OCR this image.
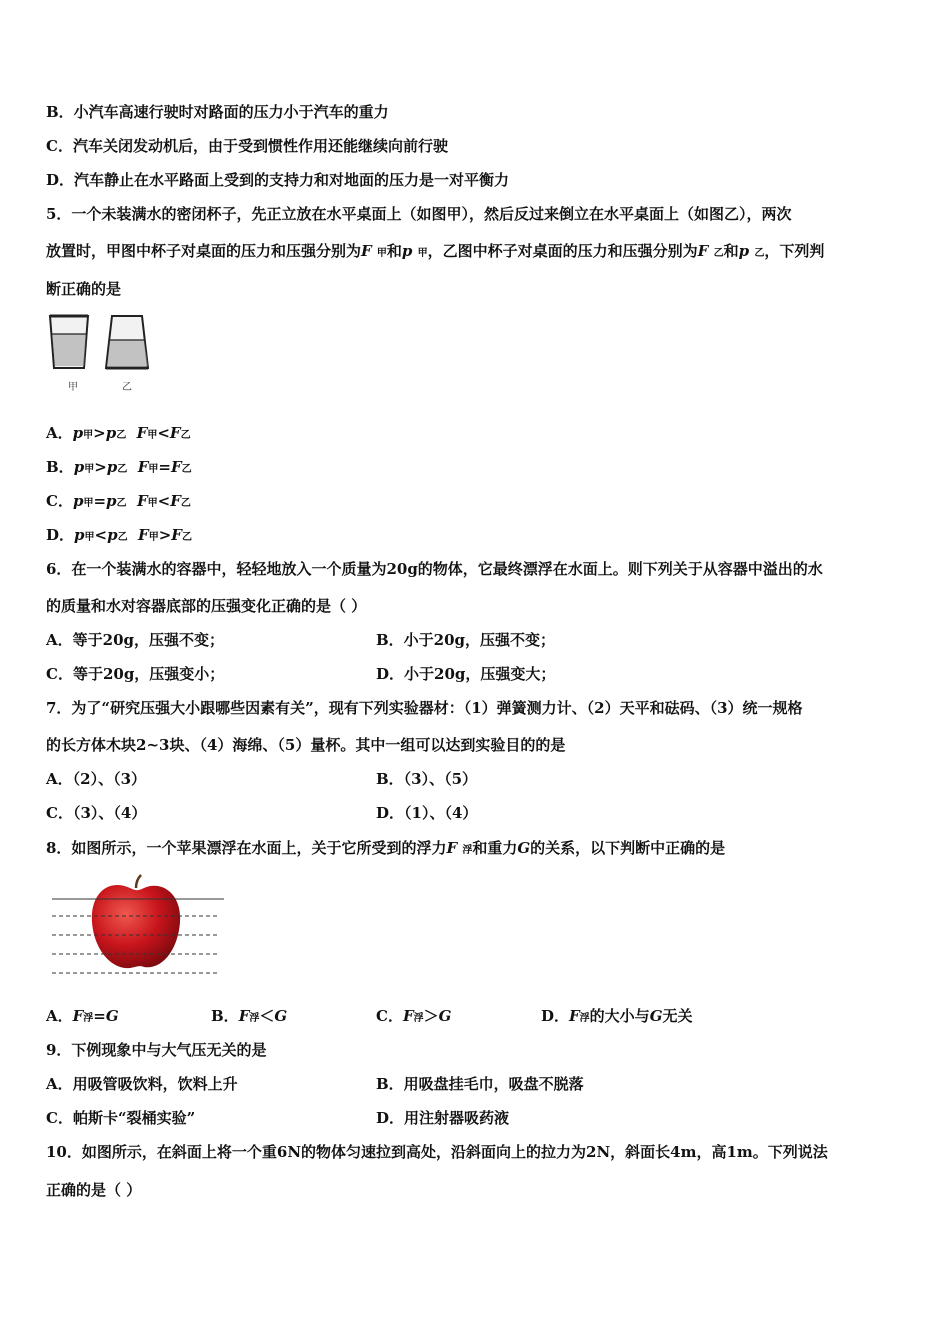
B．小汽车高速行驶时对路面的压力小于汽车的重力
C．汽车关闭发动机后，由于受到惯性作用还能继续向前行驶
D．汽车静止在水平路面上受到的支持力和对地面的压力是一对平衡力
5．一个未装满水的密闭杯子，先正立放在水平桌面上（如图甲），然后反过来倒立在水平桌面上（如图乙），两次
放置时，甲图中杯子对桌面的压力和压强分别为F 甲和p 甲，乙图中杯子对桌面的压力和压强分别为F 乙和p 乙，下列判
断正确的是
甲	乙
A．p甲>p乙 F甲<F乙
B．p甲>p乙 F甲=F乙
C．p甲=p乙 F甲<F乙
D．p甲<p乙 F甲>F乙
6．在一个装满水的容器中，轻轻地放入一个质量为20g的物体，它最终漂浮在水面上。则下列关于从容器中溢出的水
的质量和水对容器底部的压强变化正确的是（ ）
A．等于20g，压强不变；	B．小于20g，压强不变；
C．等于20g，压强变小；	D．小于20g，压强变大；
7．为了“研究压强大小跟哪些因素有关”，现有下列实验器材：（1）弹簧测力计、（2）天平和砝码、（3）统一规格
的长方体木块2~3块、（4）海绵、（5）量杯。其中一组可以达到实验目的的是
A．（2）、（3）	B．（3）、（5）
C．（3）、（4）	D．（1）、（4）
8．如图所示，一个苹果漂浮在水面上，关于它所受到的浮力F 浮和重力G的关系，以下判断中正确的是
A．F浮=G	B．F浮＜G	C．F浮＞G	D．F浮的大小与G无关
9．下例现象中与大气压无关的是
A．用吸管吸饮料，饮料上升	B．用吸盘挂毛巾，吸盘不脱落
C．帕斯卡“裂桶实验”	D．用注射器吸药液
10．如图所示，在斜面上将一个重6N的物体匀速拉到高处，沿斜面向上的拉力为2N，斜面长4m，高1m。下列说法
正确的是（ ）
